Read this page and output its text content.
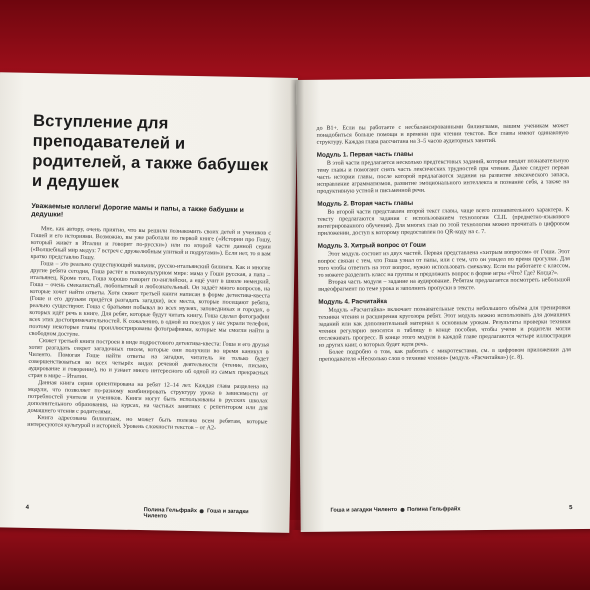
Вступление для преподавателей и родителей, а также бабушек и дедушек
Уважаемые коллеги! Дорогие мамы и папы, а также бабушки и дедушки!

Мне, как автору, очень приятно, что вы решили познакомить своих детей и учеников с Гошей и его историями. Возможно, вы уже работали по первой книге («Истории про Гошу, который живёт в Италии и говорит по-русски») или по второй части данной серии («Волшебный мир медуз: 7 встреч с дружелюбным улиткой и подругами»). Если нет, то я вам кратко представлю Гошу.

Гоша – это реально существующий мальчик, русско-итальянский билингв. Как и многие другие ребята сегодня, Гоша растёт в поликультурном мире: мама у Гоши русская, а папа – итальянец. Кроме того, Гоша хорошо говорит по-английски, а ещё учит в школе немецкий. Гоша – очень смекалистый, любопытный и любознательный. Он задаёт много вопросов, на которые хочет найти ответы. Хотя сюжет третьей книги написан в форме детектива-квеста (Гоше и его друзьям придётся разгадать загадки), все места, которые посещают ребята, реально существуют. Гоша с братьями побывал во всех музеях, заповедниках и городах, о которых идёт речь в книге. Для ребят, которые будут читать книгу, Гоша сделал фотографии всех этих достопримечательностей. К сожалению, в одной из поездок у нас украли телефон, поэтому некоторые главы проиллюстрированы фотографиями, которые мы смогли найти в свободном доступе.

Сюжет третьей книги построен в виде подростового детектива-квеста: Гоша и его друзья хотят разгадать секрет загадочных писем, которые они получили во время каникул в Чиленто. Помогая Гоше найти ответы на загадки, читатель не только будет совершенствоваться во всех четырёх видах речевой деятельности (чтение, письмо, аудирование и говорение), но и узнает много интересного об одной из самых прекрасных стран в мире – Италии.

Данная книга серии ориентирована на ребят 12–14 лет. Каждая глава разделена на модули, что позволяет по-разному комбинировать структуру урока в зависимости от потребностей учителя и учеников. Книги могут быть использованы в русских школах дополнительного образования, на курсах, на частных занятиях с репетитором или для домашнего чтения с родителями.

Книга адресована билингвам, но может быть полезна всем ребятам, которые интересуются культурой и историей. Уровень сложности текстов – от А2-

4	Полина Гельфрайх Гоша и загадки Чиленто

до В1+. Если вы работаете с несбалансированными билингвами, вашим ученикам может понадобиться больше помощи и времени при чтении текстов. Все главы имеют одинаковую структуру. Каждая глава рассчитана на 3–5 часов аудиторных занятий.

Модуль 1. Первая часть главы

В этой части предлагается несколько предтекстовых заданий, которые вводят познавательную тему главы и помогают снять часть лексических трудностей при чтении. Далее следует первая часть истории главы, после которой предлагаются задания на развитие лексического запаса, исправление аграмматизмов, развитие эмоционального интеллекта и познание себя, а также на продуктивную устной и письменной речи.

Модуль 2. Вторая часть главы

Во второй части представлен второй текст главы, чаще всего познавательного характера. К тексту предлагаются задания с использованием технологии CLIL (предметно-языкового интегрированного обучения). Для многих глав по этой технологии можно прочитать в цифровом приложении, доступ к которому предоставлен по QR-коду на с. 7.

Модуль 3. Хитрый вопрос от Гоши

Этот модуль состоит из двух частей. Первая представлена «хитрым вопросом» от Гоши. Этот вопрос связан с тем, что Гоша узнал от папы, или с тем, что он увидел во время прогулки. Для того чтобы ответить на этот вопрос, нужно использовать смекалку. Если вы работаете с классом, то можете разделить класс на группы и предложить вопрос в форме игры «Что? Где? Когда?».

Вторая часть модуля – задание на аудирование. Ребятам предлагается посмотреть небольшой видеофрагмент по теме урока и заполнить пропуски в тексте.

Модуль 4. Расчитайка

Модуль «Расчитайка» включает познавательные тексты небольшого объёма для тренировки техники чтения и расширения кругозора ребят. Этот модуль можно использовать для домашних заданий или как дополнительный материал к основным урокам. Результаты проверки техники чтения регулярно вносятся в таблицу в конце пособия, чтобы учени и родители могли отслеживать прогресс. В конце этого модуля в каждой главе предлагаются четыре иллюстрации из других книг, о которых будет идти речь.

Более подробно о том, как работать с микротекстами, см. в цифровом приложении для преподавателя «Несколько слов о технике чтения» (модуль «Расчитайка») (с. 8).

Гоша и загадки Чиленто Полина Гельфрайх	5
